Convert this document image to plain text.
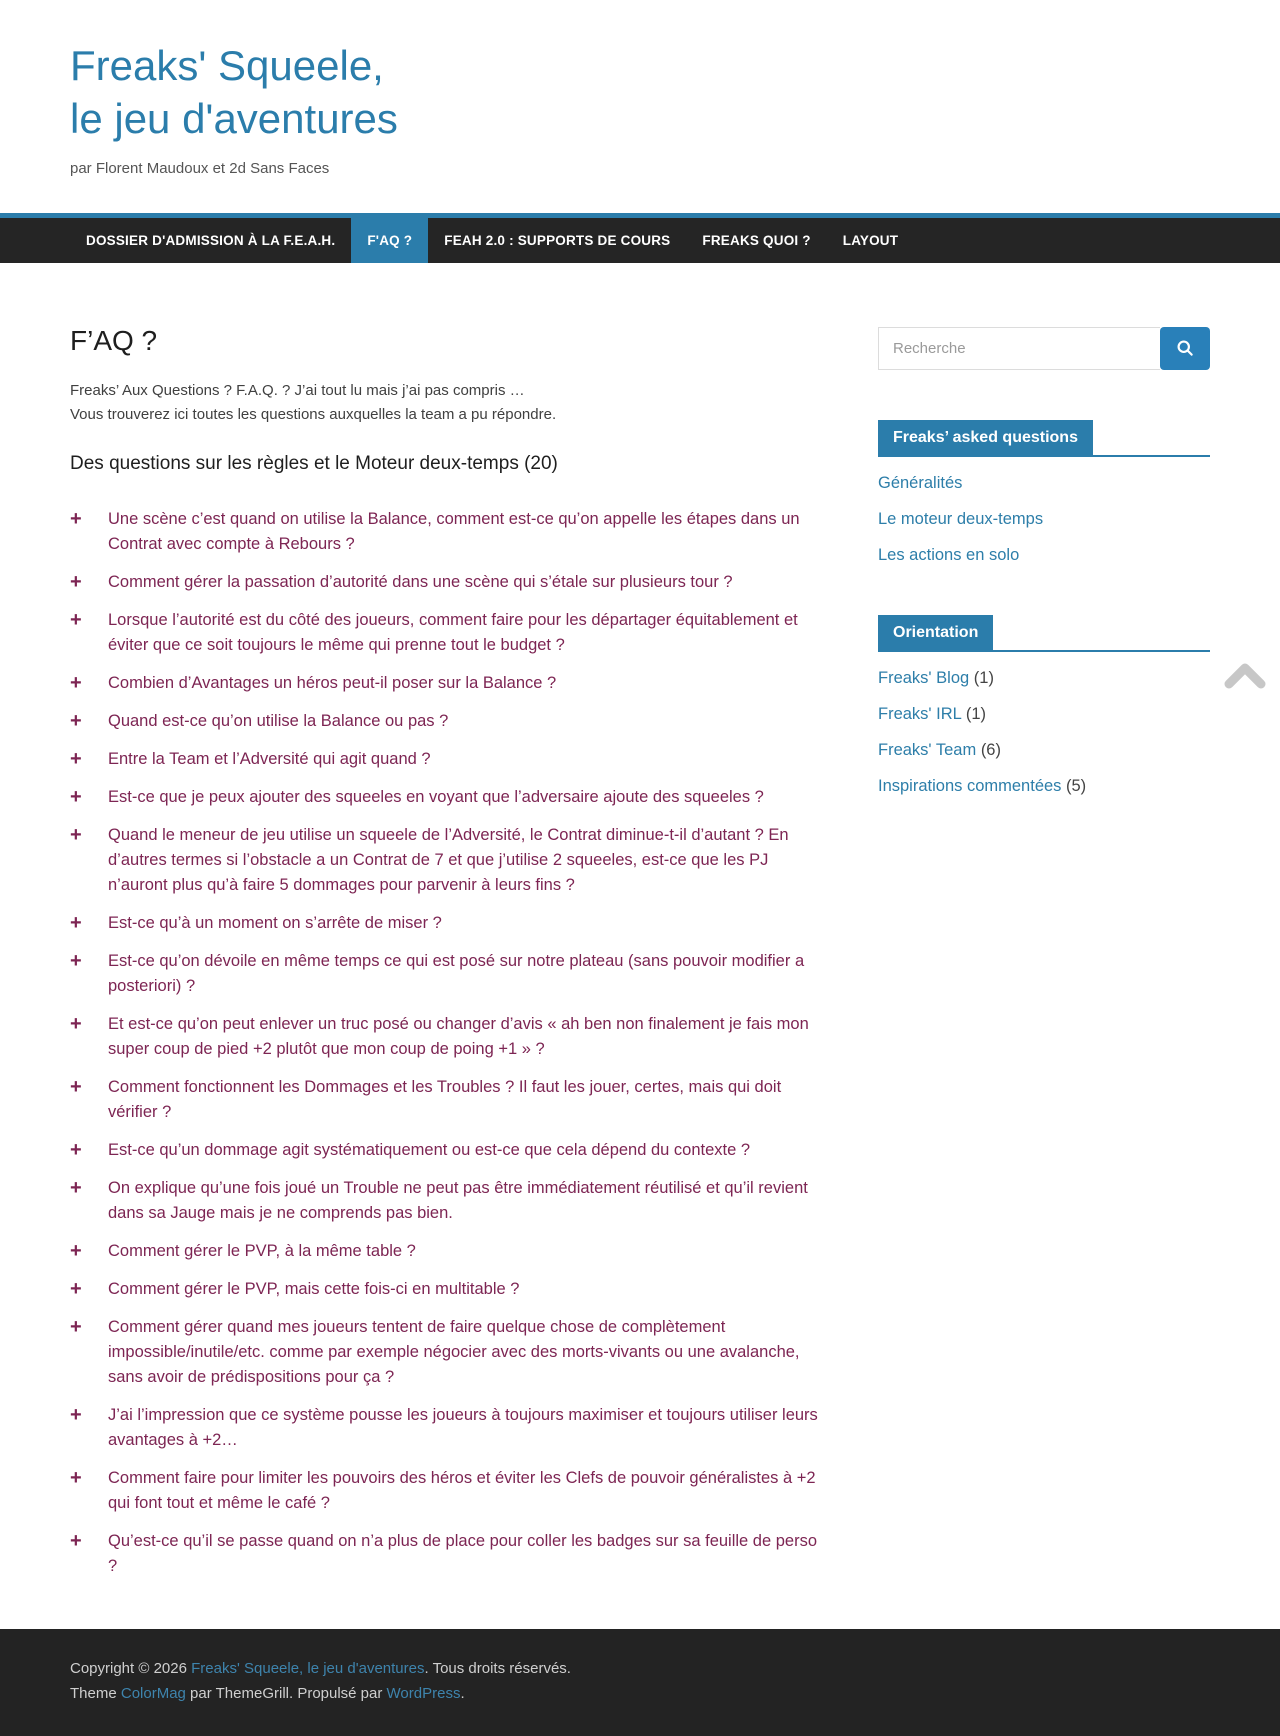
Freaks' Squeele,
le jeu d'aventures

par Florent Maudoux et 2d Sans Faces

DOSSIER D'ADMISSION À LA F.E.A.H.	F'AQ ?	FEAH 2.0 : SUPPORTS DE COURS	FREAKS QUOI ?	LAYOUT
F’AQ ?

Freaks’ Aux Questions ? F.A.Q. ? J’ai tout lu mais j’ai pas compris …

Vous trouverez ici toutes les questions auxquelles la team a pu répondre.

Des questions sur les règles et le Moteur deux-temps (20)
+	Une scène c’est quand on utilise la Balance, comment est-ce qu’on appelle les étapes dans un Contrat avec compte à Rebours ?
+	Comment gérer la passation d’autorité dans une scène qui s’étale sur plusieurs tour ?
+	Lorsque l’autorité est du côté des joueurs, comment faire pour les départager équitablement et éviter que ce soit toujours le même qui prenne tout le budget ?
+	Combien d’Avantages un héros peut-il poser sur la Balance ?
+	Quand est-ce qu’on utilise la Balance ou pas ?
+	Entre la Team et l’Adversité qui agit quand ?
+	Est-ce que je peux ajouter des squeeles en voyant que l’adversaire ajoute des squeeles ?
+	Quand le meneur de jeu utilise un squeele de l’Adversité, le Contrat diminue-t-il d’autant ? En d’autres termes si l’obstacle a un Contrat de 7 et que j’utilise 2 squeeles, est-ce que les PJ n’auront plus qu’à faire 5 dommages pour parvenir à leurs fins ?
+	Est-ce qu’à un moment on s’arrête de miser ?
+	Est-ce qu’on dévoile en même temps ce qui est posé sur notre plateau (sans pouvoir modifier a posteriori) ?
+	Et est-ce qu’on peut enlever un truc posé ou changer d’avis « ah ben non finalement je fais mon super coup de pied +2 plutôt que mon coup de poing +1 » ?
+	Comment fonctionnent les Dommages et les Troubles ? Il faut les jouer, certes, mais qui doit vérifier ?
+	Est-ce qu’un dommage agit systématiquement ou est-ce que cela dépend du contexte ?
+	On explique qu’une fois joué un Trouble ne peut pas être immédiatement réutilisé et qu’il revient dans sa Jauge mais je ne comprends pas bien.
+	Comment gérer le PVP, à la même table ?
+	Comment gérer le PVP, mais cette fois-ci en multitable ?
+	Comment gérer quand mes joueurs tentent de faire quelque chose de complètement impossible/inutile/etc. comme par exemple négocier avec des morts-vivants ou une avalanche, sans avoir de prédispositions pour ça ?
+	J’ai l’impression que ce système pousse les joueurs à toujours maximiser et toujours utiliser leurs avantages à +2…
+	Comment faire pour limiter les pouvoirs des héros et éviter les Clefs de pouvoir généralistes à +2 qui font tout et même le café ?
+	Qu’est-ce qu’il se passe quand on n’a plus de place pour coller les badges sur sa feuille de perso ?
Recherche
Freaks’ asked questions
Généralités
Le moteur deux-temps
Les actions en solo
Orientation
Freaks' Blog (1)
Freaks' IRL (1)
Freaks' Team (6)
Inspirations commentées (5)

Copyright © 2026 Freaks' Squeele, le jeu d'aventures. Tous droits réservés.

Theme ColorMag par ThemeGrill. Propulsé par WordPress.
